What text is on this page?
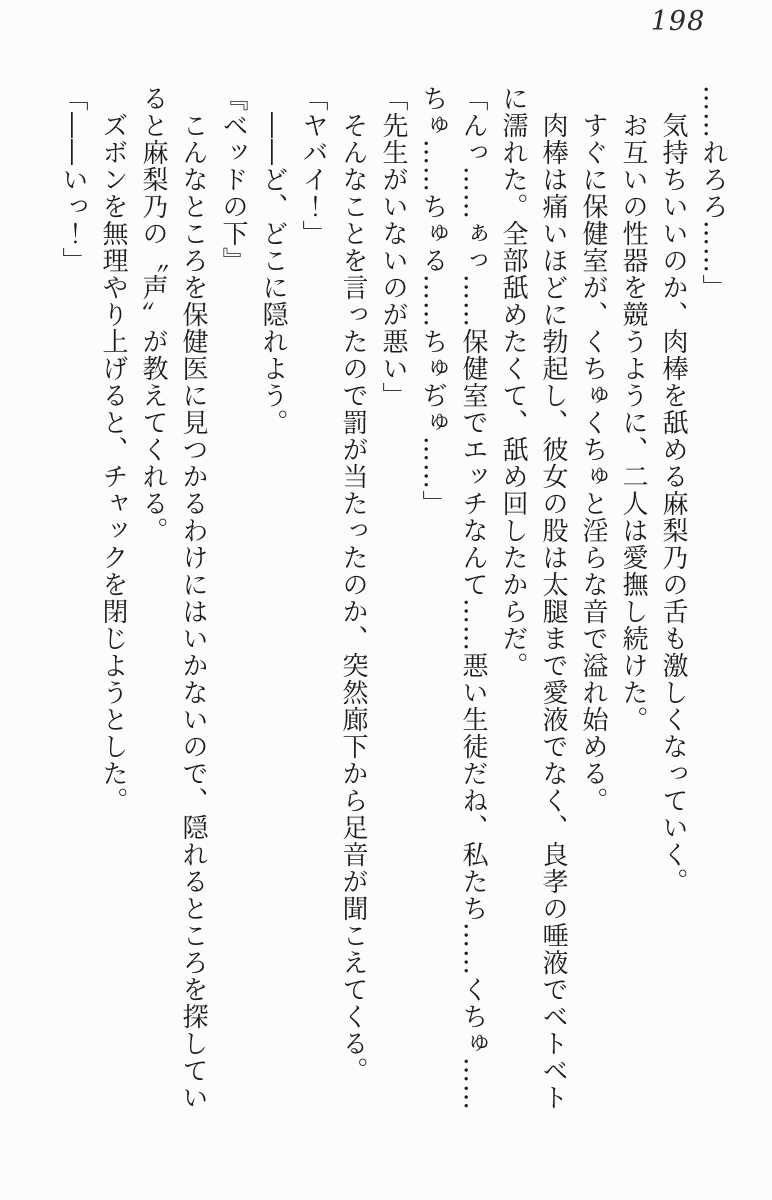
198
……れろろ……」
　気持ちいいのか、肉棒を舐める麻梨乃の舌も激しくなっていく。
　お互いの性器を競うように、二人は愛撫し続けた。
　すぐに保健室が、くちゅくちゅと淫らな音で溢れ始める。
　肉棒は痛いほどに勃起し、彼女の股は太腿まで愛液でなく、良孝の唾液でベトベト
に濡れた。全部舐めたくて、舐め回したからだ。
「んっ……ぁっ……保健室でエッチなんて……悪い生徒だね、私たち……くちゅ……
ちゅ……ちゅる……ちゅぢゅ……」
「先生がいないのが悪い」
　そんなことを言ったので罰が当たったのか、突然廊下から足音が聞こえてくる。
「ヤバイ！」
　――ど、どこに隠れよう。
『ベッドの下』
　こんなところを保健医に見つかるわけにはいかないので、隠れるところを探してい
ると麻梨乃の〝声〟が教えてくれる。
　ズボンを無理やり上げると、チャックを閉じようとした。
「――いっ！」
